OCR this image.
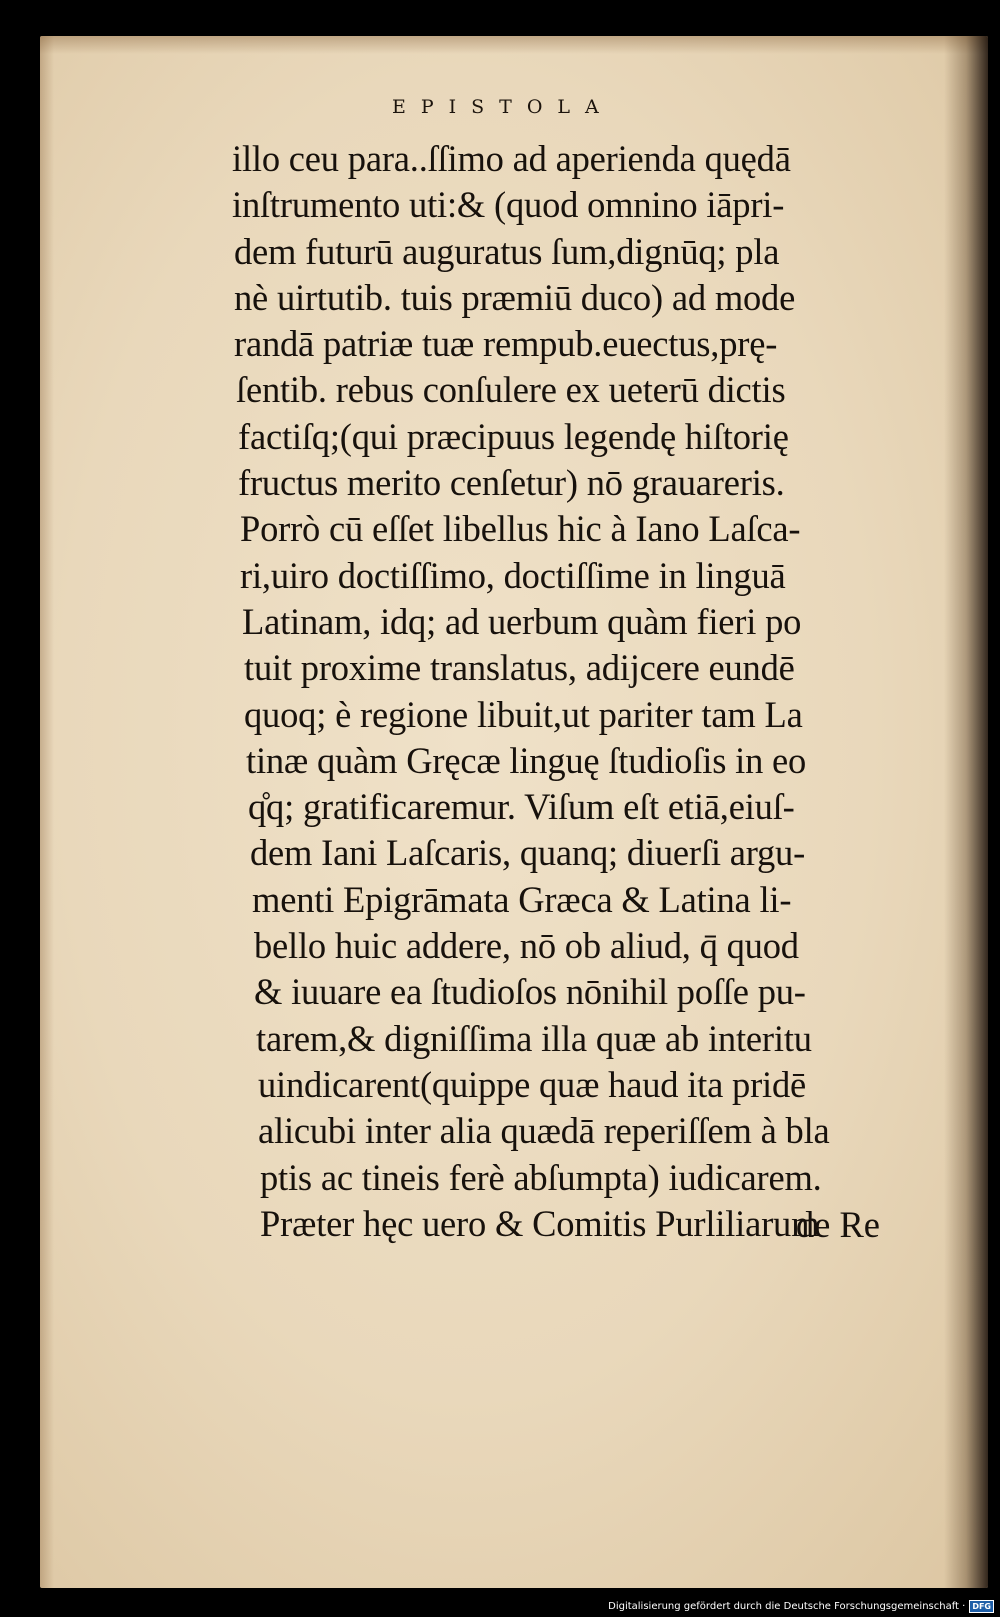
EPISTOLA
illo ceu para..ſſimo ad aperienda quędā
inſtrumento uti:& (quod omnino iāpri-
dem futurū auguratus ſum,dignūq; pla
nè uirtutib. tuis præmiū duco) ad mode
randā patriæ tuæ rempub.euectus,prę-
ſentib. rebus conſulere ex ueterū dictis
factiſq;(qui præcipuus legendę hiſtorię
fructus merito cenſetur) nō grauareris.
Porrò cū eſſet libellus hic à Iano Laſca-
ri,uiro doctiſſimo, doctiſſime in linguā
Latinam, idq; ad uerbum quàm fieri po
tuit proxime translatus, adijcere eundē
quoq; è regione libuit,ut pariter tam La
tinæ quàm Gręcæ linguę ſtudioſis in eo
q̊q; gratificaremur. Viſum eſt etiā,eiuſ-
dem Iani Laſcaris, quanq; diuerſi argu-
menti Epigrāmata Græca & Latina li-
bello huic addere, nō ob aliud, q̄ quod
& iuuare ea ſtudioſos nōnihil poſſe pu-
tarem,& digniſſima illa quæ ab interitu
uindicarent(quippe quæ haud ita pridē
alicubi inter alia quædā reperiſſem à bla
ptis ac tineis ferè abſumpta) iudicarem.
Præter hęc uero & Comitis Purliliarum
de Re
Digitalisierung gefördert durch die Deutsche Forschungsgemeinschaft · DFG
